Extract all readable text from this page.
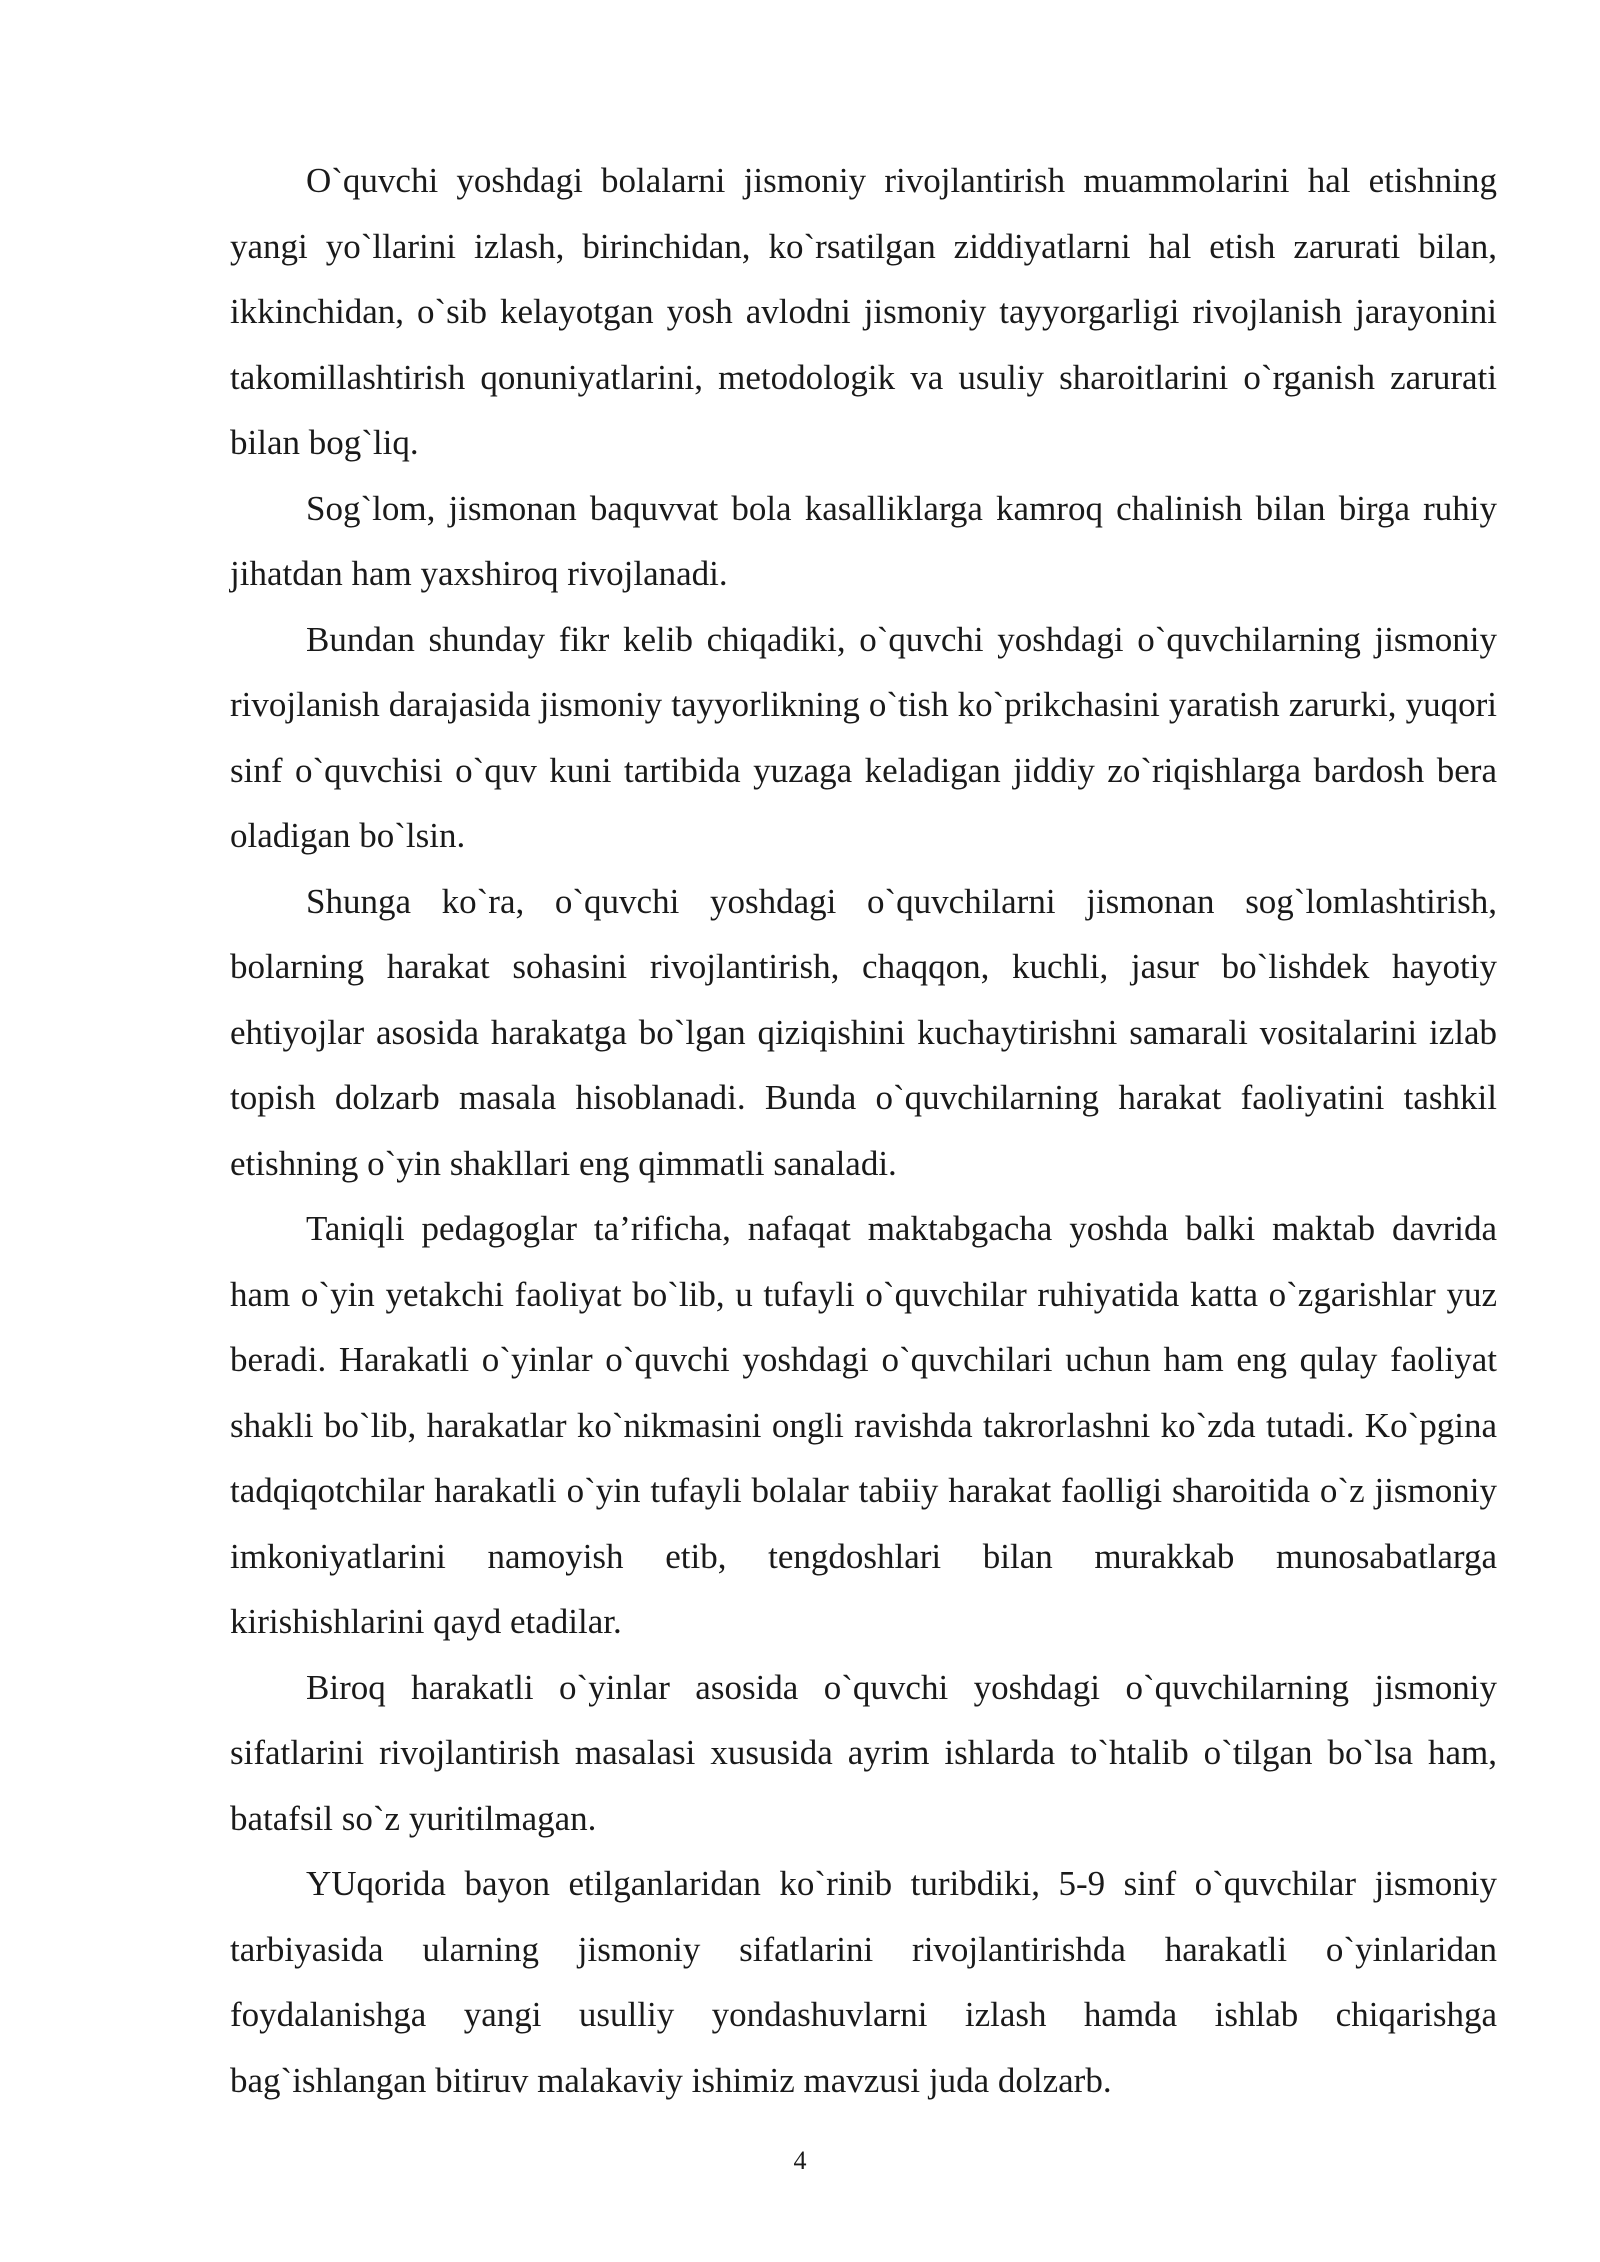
O`quvchi yoshdagi bolalarni jismoniy rivojlantirish muammolarini hal etishning yangi yo`llarini izlash, birinchidan, ko`rsatilgan ziddiyatlarni hal etish zarurati bilan, ikkinchidan, o`sib kelayotgan yosh avlodni jismoniy tayyorgarligi rivojlanish jarayonini takomillashtirish qonuniyatlarini, metodologik va usuliy sharoitlarini o`rganish zarurati bilan bog`liq.

Sog`lom, jismonan baquvvat bola kasalliklarga kamroq chalinish bilan birga ruhiy jihatdan ham yaxshiroq rivojlanadi.

Bundan shunday fikr kelib chiqadiki, o`quvchi yoshdagi o`quvchilarning jismoniy rivojlanish darajasida jismoniy tayyorlikning o`tish ko`prikchasini yaratish zarurki, yuqori sinf o`quvchisi o`quv kuni tartibida yuzaga keladigan jiddiy zo`riqishlarga bardosh bera oladigan bo`lsin.

Shunga ko`ra, o`quvchi yoshdagi o`quvchilarni jismonan sog`lomlashtirish, bolarning harakat sohasini rivojlantirish, chaqqon, kuchli, jasur bo`lishdek hayotiy ehtiyojlar asosida harakatga bo`lgan qiziqishini kuchaytirishni samarali vositalarini izlab topish dolzarb masala hisoblanadi. Bunda o`quvchilarning harakat faoliyatini tashkil etishning o`yin shakllari eng qimmatli sanaladi.

Taniqli pedagoglar ta’rificha, nafaqat maktabgacha yoshda balki maktab davrida ham o`yin yetakchi faoliyat bo`lib, u tufayli o`quvchilar ruhiyatida katta o`zgarishlar yuz beradi. Harakatli o`yinlar o`quvchi yoshdagi o`quvchilari uchun ham eng qulay faoliyat shakli bo`lib, harakatlar ko`nikmasini ongli ravishda takrorlashni ko`zda tutadi. Ko`pgina tadqiqotchilar harakatli o`yin tufayli bolalar tabiiy harakat faolligi sharoitida o`z jismoniy imkoniyatlarini namoyish etib, tengdoshlari bilan murakkab munosabatlarga kirishishlarini qayd etadilar.

Biroq harakatli o`yinlar asosida o`quvchi yoshdagi o`quvchilarning jismoniy sifatlarini rivojlantirish masalasi xususida ayrim ishlarda to`htalib o`tilgan bo`lsa ham, batafsil so`z yuritilmagan.

YUqorida bayon etilganlaridan ko`rinib turibdiki, 5-9 sinf o`quvchilar jismoniy tarbiyasida ularning jismoniy sifatlarini rivojlantirishda harakatli o`yinlaridan foydalanishga yangi usulliy yondashuvlarni izlash hamda ishlab chiqarishga bag`ishlangan bitiruv malakaviy ishimiz mavzusi juda dolzarb.

4
